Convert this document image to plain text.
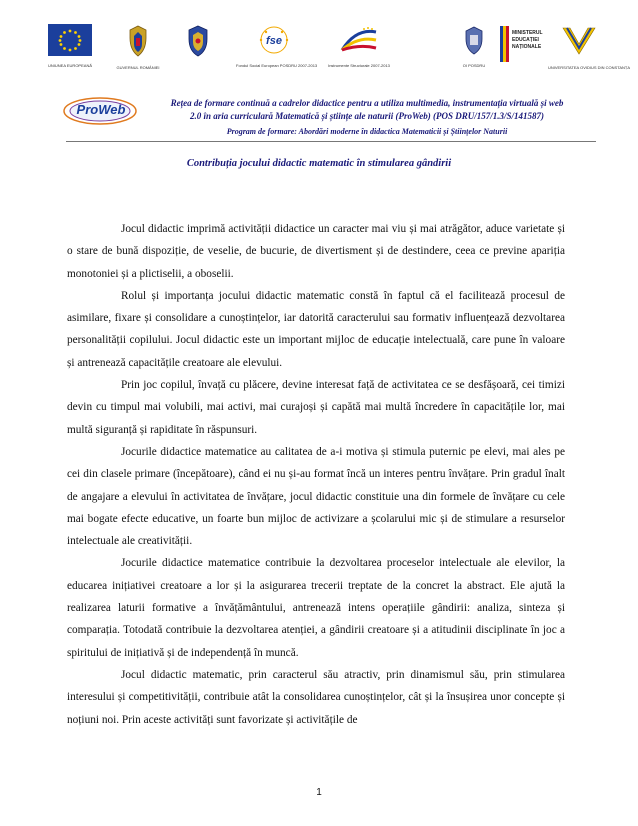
UNIUNEA EUROPEANĂ	GUVERNUL ROMÂNIEI
fse
Fondul Social European POSDRU 2007-2013	Instrumente Structurale 2007-2013	OI POSDRU
MINISTERUL EDUCAȚIEI NAȚIONALE
UNIVERSITATEA OVIDIUS DIN CONSTANȚA
ProWeb	Rețea de formare continuă a cadrelor didactice pentru a utiliza multimedia, instrumentația virtuală și web
2.0 în aria curriculară Matematică și științe ale naturii (ProWeb) (POS DRU/157/1.3/S/141587)
Program de formare: Abordări moderne în didactica Matematicii și Științelor Naturii
Contribuția jocului didactic matematic în stimularea gândirii

Jocul didactic imprimă activității didactice un caracter mai viu și mai atrăgător, aduce varietate și o stare de bună dispoziție, de veselie, de bucurie, de divertisment și de destindere, ceea ce previne apariția monotoniei și a plictiselii, a oboselii.

Rolul și importanța jocului didactic matematic constă în faptul că el facilitează procesul de asimilare, fixare și consolidare a cunoștințelor, iar datorită caracterului sau formativ influențează dezvoltarea personalității copilului. Jocul didactic este un important mijloc de educație intelectuală, care pune în valoare și antrenează capacitățile creatoare ale elevului.

Prin joc copilul, învață cu plăcere, devine interesat față de activitatea ce se desfășoară, cei timizi devin cu timpul mai volubili, mai activi, mai curajoși și capătă mai multă încredere în capacitățile lor, mai multă siguranță și rapiditate în răspunsuri.

Jocurile didactice matematice au calitatea de a-i motiva și stimula puternic pe elevi, mai ales pe cei din clasele primare (începătoare), când ei nu și-au format încă un interes pentru învățare. Prin gradul înalt de angajare a elevului în activitatea de învățare, jocul didactic constituie una din formele de învățare cu cele mai bogate efecte educative, un foarte bun mijloc de activizare a școlarului mic și de stimulare a resurselor intelectuale ale creativității.

Jocurile didactice matematice contribuie la dezvoltarea proceselor intelectuale ale elevilor, la educarea inițiativei creatoare a lor și la asigurarea trecerii treptate de la concret la abstract. Ele ajută la realizarea laturii formative a învățământului, antrenează intens operațiile gândirii: analiza, sinteza și comparația. Totodată contribuie la dezvoltarea atenției, a gândirii creatoare și a atitudinii disciplinate în joc a spiritului de inițiativă și de independență în muncă.

Jocul didactic matematic, prin caracterul său atractiv, prin dinamismul său, prin stimularea interesului și competitivității, contribuie atât la consolidarea cunoștințelor, cât și la însușirea unor concepte și noțiuni noi. Prin aceste activități sunt favorizate și activitățile de

1
